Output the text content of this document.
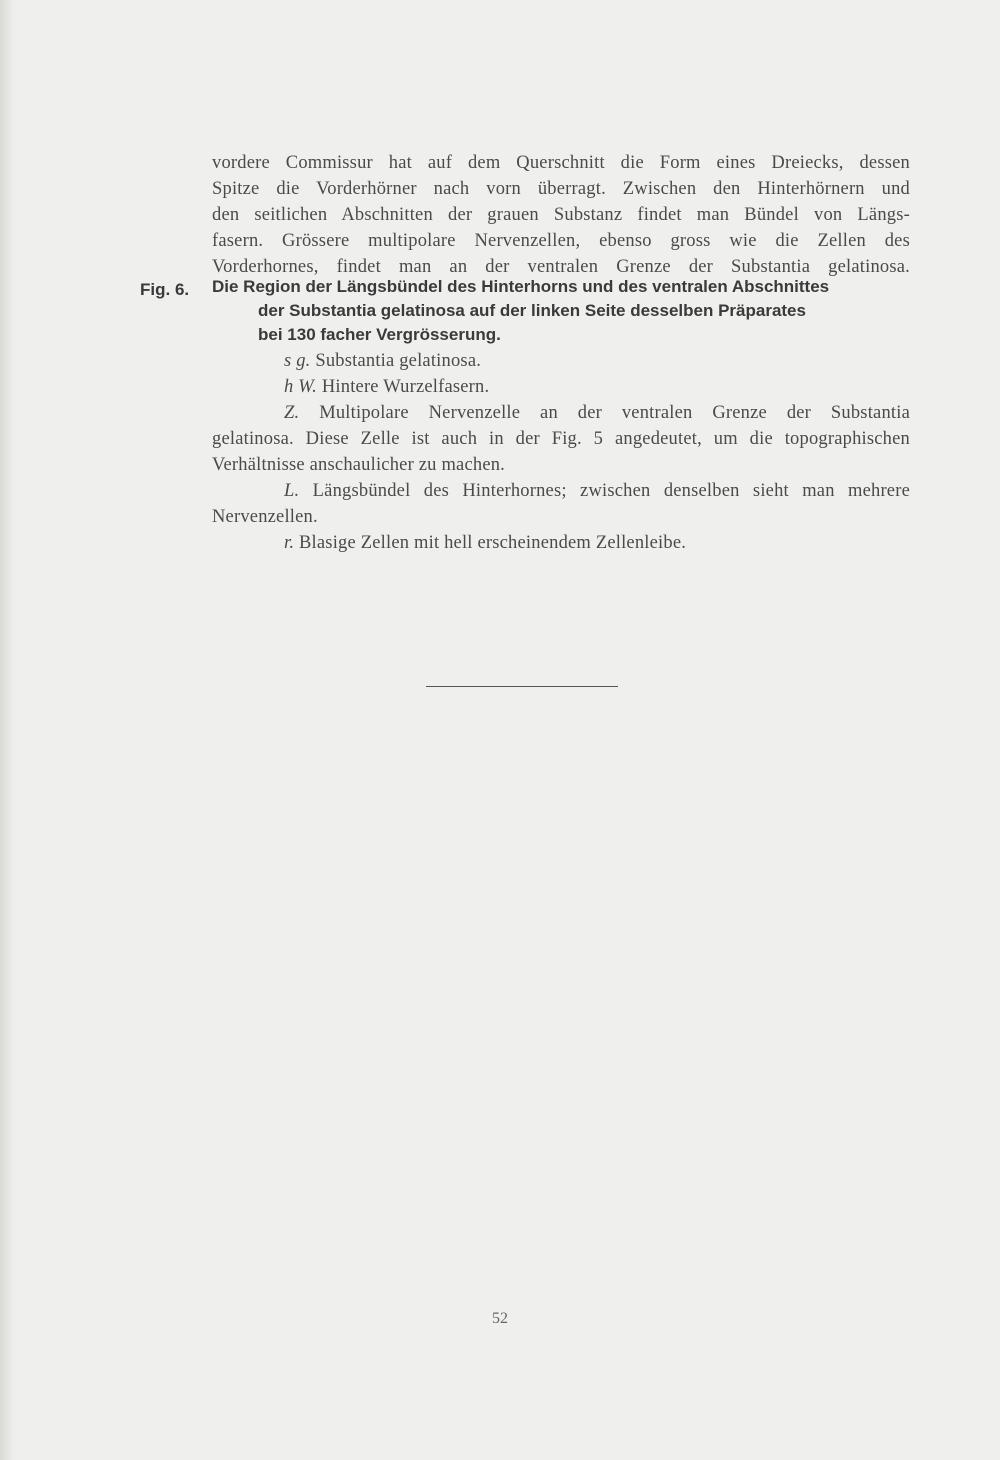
vordere Commissur hat auf dem Querschnitt die Form eines Dreiecks, dessen
Spitze die Vorderhörner nach vorn überragt. Zwischen den Hinterhörnern und
den seitlichen Abschnitten der grauen Substanz findet man Bündel von Längs-
fasern. Grössere multipolare Nervenzellen, ebenso gross wie die Zellen des
Vorderhornes, findet man an der ventralen Grenze der Substantia gelatinosa.
Fig. 6. Die Region der Längsbündel des Hinterhorns und des ventralen Abschnittes
der Substantia gelatinosa auf der linken Seite desselben Präparates
bei 130 facher Vergrösserung.
s g. Substantia gelatinosa.
h W. Hintere Wurzelfasern.
Z. Multipolare Nervenzelle an der ventralen Grenze der Substantia
gelatinosa. Diese Zelle ist auch in der Fig. 5 angedeutet, um die topographischen
Verhältnisse anschaulicher zu machen.
L. Längsbündel des Hinterhornes; zwischen denselben sieht man mehrere
Nervenzellen.
r. Blasige Zellen mit hell erscheinendem Zellenleibe.
52
